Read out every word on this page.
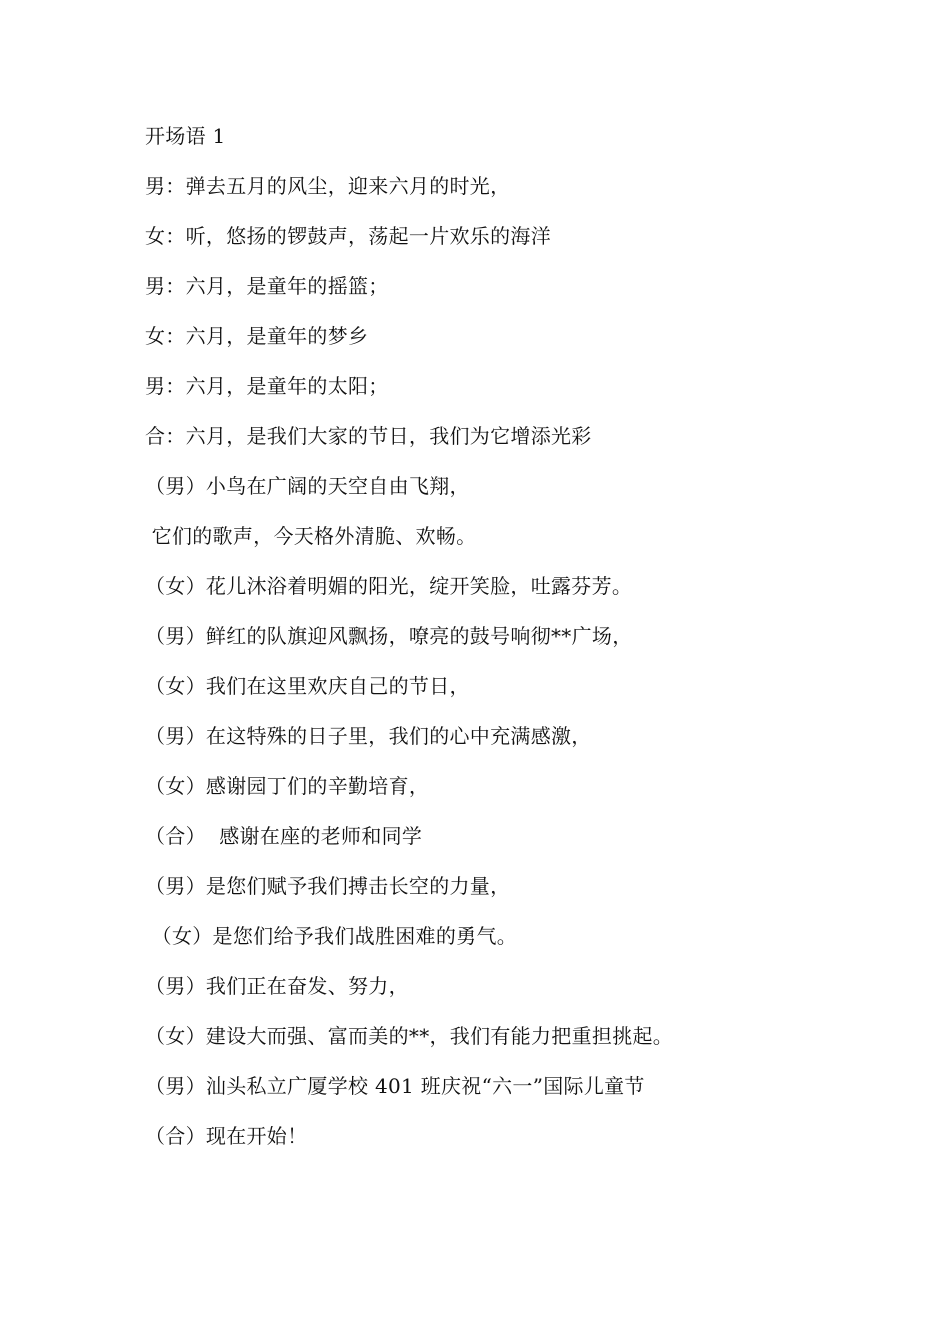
开场语 1
男：弹去五月的风尘，迎来六月的时光，
女：听，悠扬的锣鼓声，荡起一片欢乐的海洋
男：六月，是童年的摇篮；
女：六月，是童年的梦乡
男：六月，是童年的太阳；
合：六月，是我们大家的节日，我们为它增添光彩
（男）小鸟在广阔的天空自由飞翔，
它们的歌声，今天格外清脆、欢畅。
（女）花儿沐浴着明媚的阳光，绽开笑脸，吐露芬芳。
（男）鲜红的队旗迎风飘扬，嘹亮的鼓号响彻**广场，
（女）我们在这里欢庆自己的节日，
（男）在这特殊的日子里，我们的心中充满感激，
（女）感谢园丁们的辛勤培育，
（合）  感谢在座的老师和同学
（男）是您们赋予我们搏击长空的力量，
（女）是您们给予我们战胜困难的勇气。
（男）我们正在奋发、努力，
（女）建设大而强、富而美的**，我们有能力把重担挑起。
（男）汕头私立广厦学校 401 班庆祝“六一”国际儿童节
（合）现在开始！
